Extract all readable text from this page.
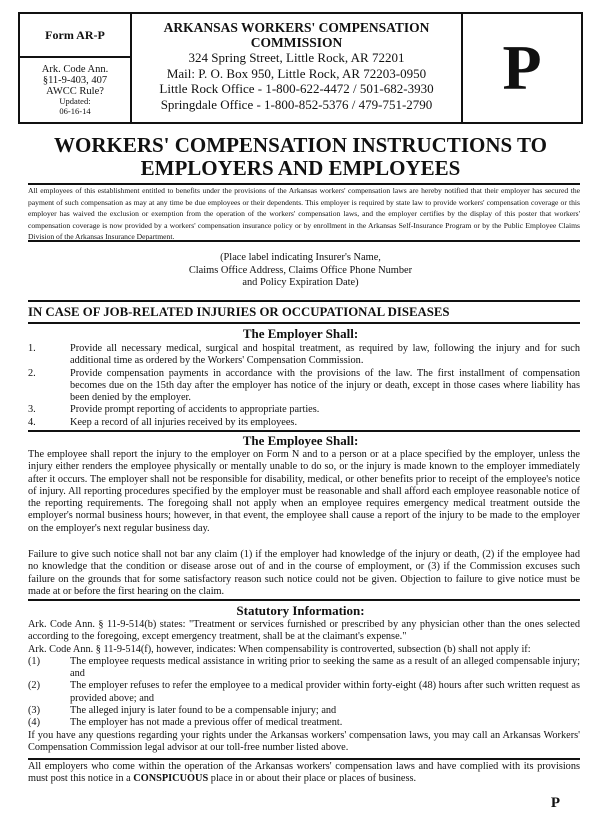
Form AR-P
Ark. Code Ann.
§11-9-403, 407
AWCC Rule?
Updated:
06-16-14
ARKANSAS WORKERS' COMPENSATION
COMMISSION
324 Spring Street, Little Rock, AR 72201
Mail: P. O. Box 950, Little Rock, AR 72203-0950
Little Rock Office - 1-800-622-4472 / 501-682-3930
Springdale Office - 1-800-852-5376 / 479-751-2790
P
WORKERS' COMPENSATION INSTRUCTIONS TO
EMPLOYERS AND EMPLOYEES
All employees of this establishment entitled to benefits under the provisions of the Arkansas workers' compensation laws are hereby notified that their employer has secured the payment of such compensation as may at any time be due employees or their dependents. This employer is required by state law to provide workers' compensation coverage or this employer has waived the exclusion or exemption from the operation of the workers' compensation laws, and the employer certifies by the display of this poster that workers' compensation coverage is now provided by a workers' compensation insurance policy or by enrollment in the Arkansas Self-Insurance Program or by the Public Employee Claims Division of the Arkansas Insurance Department.
(Place label indicating Insurer's Name,
Claims Office Address, Claims Office Phone Number
and Policy Expiration Date)
IN CASE OF JOB-RELATED INJURIES OR OCCUPATIONAL DISEASES
The Employer Shall:
1.	Provide all necessary medical, surgical and hospital treatment, as required by law, following the injury and for such additional time as ordered by the Workers' Compensation Commission.
2.	Provide compensation payments in accordance with the provisions of the law. The first installment of compensation becomes due on the 15th day after the employer has notice of the injury or death, except in those cases where liability has been denied by the employer.
3.	Provide prompt reporting of accidents to appropriate parties.
4.	Keep a record of all injuries received by its employees.
The Employee Shall:
The employee shall report the injury to the employer on Form N and to a person or at a place specified by the employer, unless the injury either renders the employee physically or mentally unable to do so, or the injury is made known to the employer immediately after it occurs. The employer shall not be responsible for disability, medical, or other benefits prior to receipt of the employee's notice of injury. All reporting procedures specified by the employer must be reasonable and shall afford each employee reasonable notice of the reporting requirements. The foregoing shall not apply when an employee requires emergency medical treatment outside the employer's normal business hours; however, in that event, the employee shall cause a report of the injury to be made to the employer on the employer's next regular business day.
Failure to give such notice shall not bar any claim (1) if the employer had knowledge of the injury or death, (2) if the employee had no knowledge that the condition or disease arose out of and in the course of employment, or (3) if the Commission excuses such failure on the grounds that for some satisfactory reason such notice could not be given. Objection to failure to give notice must be made at or before the first hearing on the claim.
Statutory Information:
Ark. Code Ann. § 11-9-514(b) states: "Treatment or services furnished or prescribed by any physician other than the ones selected according to the foregoing, except emergency treatment, shall be at the claimant's expense."
Ark. Code Ann. § 11-9-514(f), however, indicates: When compensability is controverted, subsection (b) shall not apply if:
(1)	The employee requests medical assistance in writing prior to seeking the same as a result of an alleged compensable injury; and
(2)	The employer refuses to refer the employee to a medical provider within forty-eight (48) hours after such written request as provided above; and
(3)	The alleged injury is later found to be a compensable injury; and
(4)	The employer has not made a previous offer of medical treatment.
If you have any questions regarding your rights under the Arkansas workers' compensation laws, you may call an Arkansas Workers' Compensation Commission legal advisor at our toll-free number listed above.
All employers who come within the operation of the Arkansas workers' compensation laws and have complied with its provisions must post this notice in a CONSPICUOUS place in or about their place or places of business.
P
